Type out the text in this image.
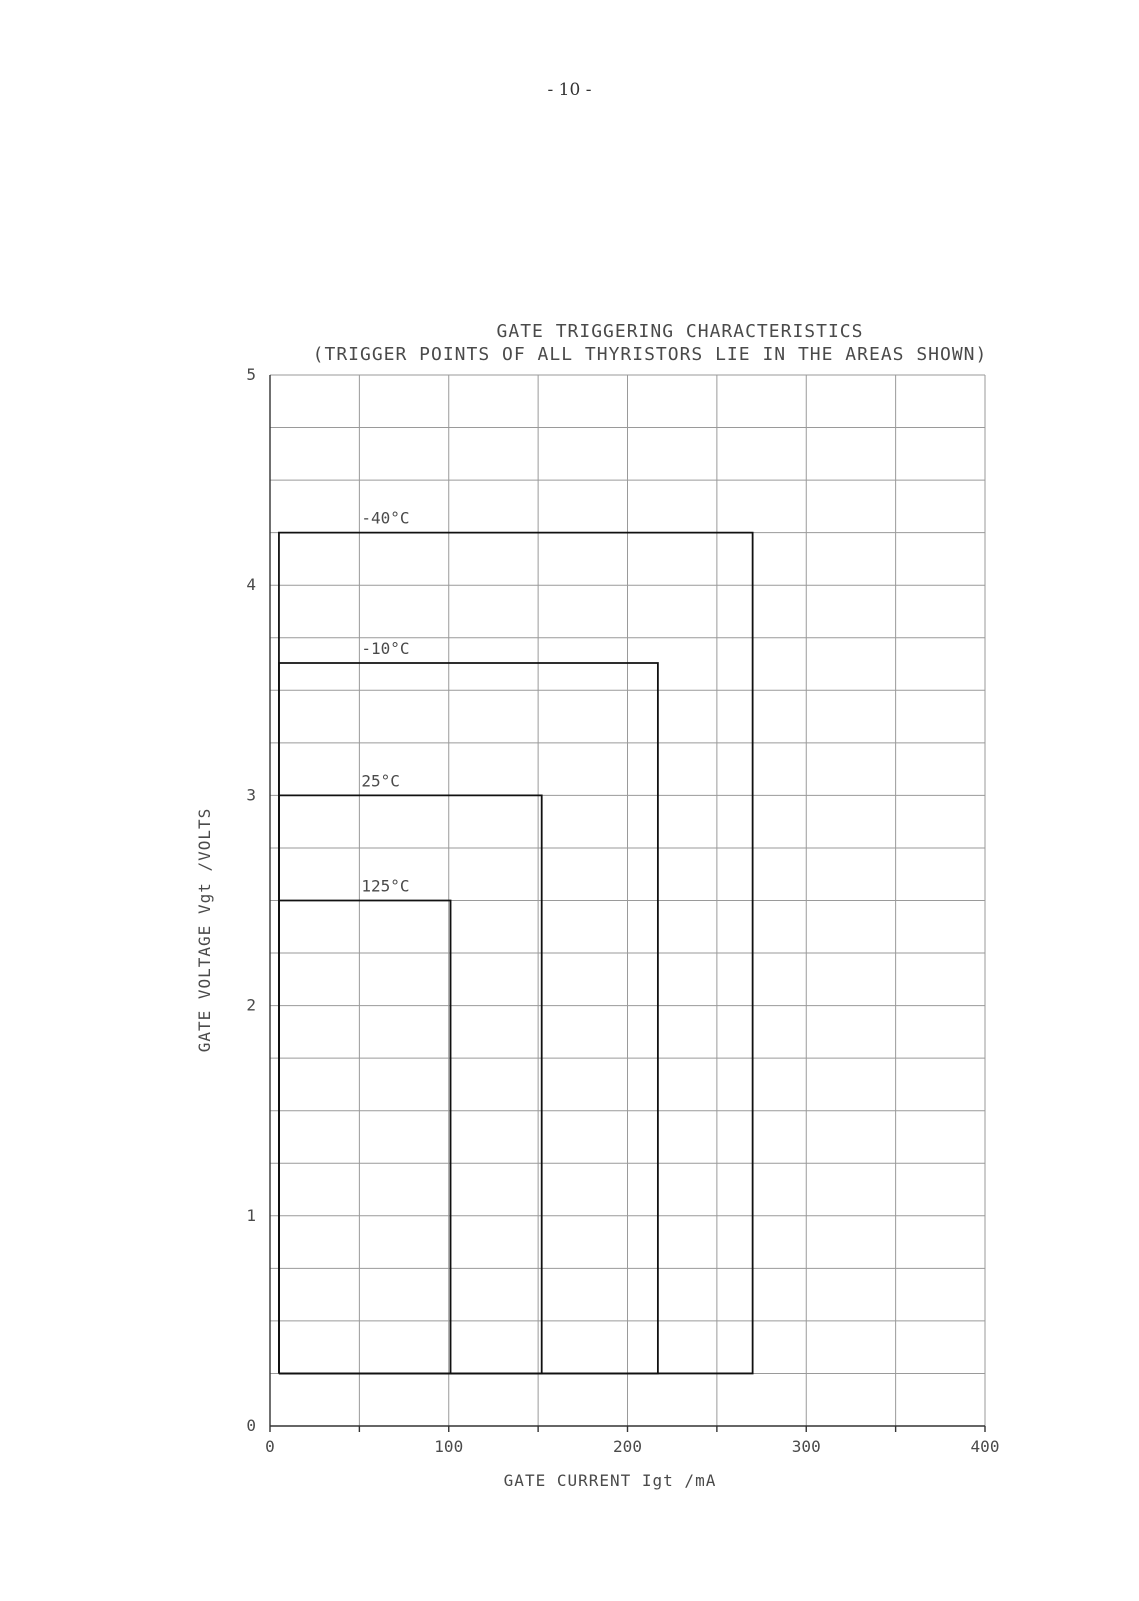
- 10 -
GATE TRIGGERING CHARACTERISTICS
(TRIGGER POINTS OF ALL THYRISTORS LIE IN THE AREAS SHOWN)
-40°C
-10°C
25°C
125°C
0	100	200	300	400
0
1
2
3
4
5
GATE CURRENT Igt /mA
GATE VOLTAGE Vgt /VOLTS
